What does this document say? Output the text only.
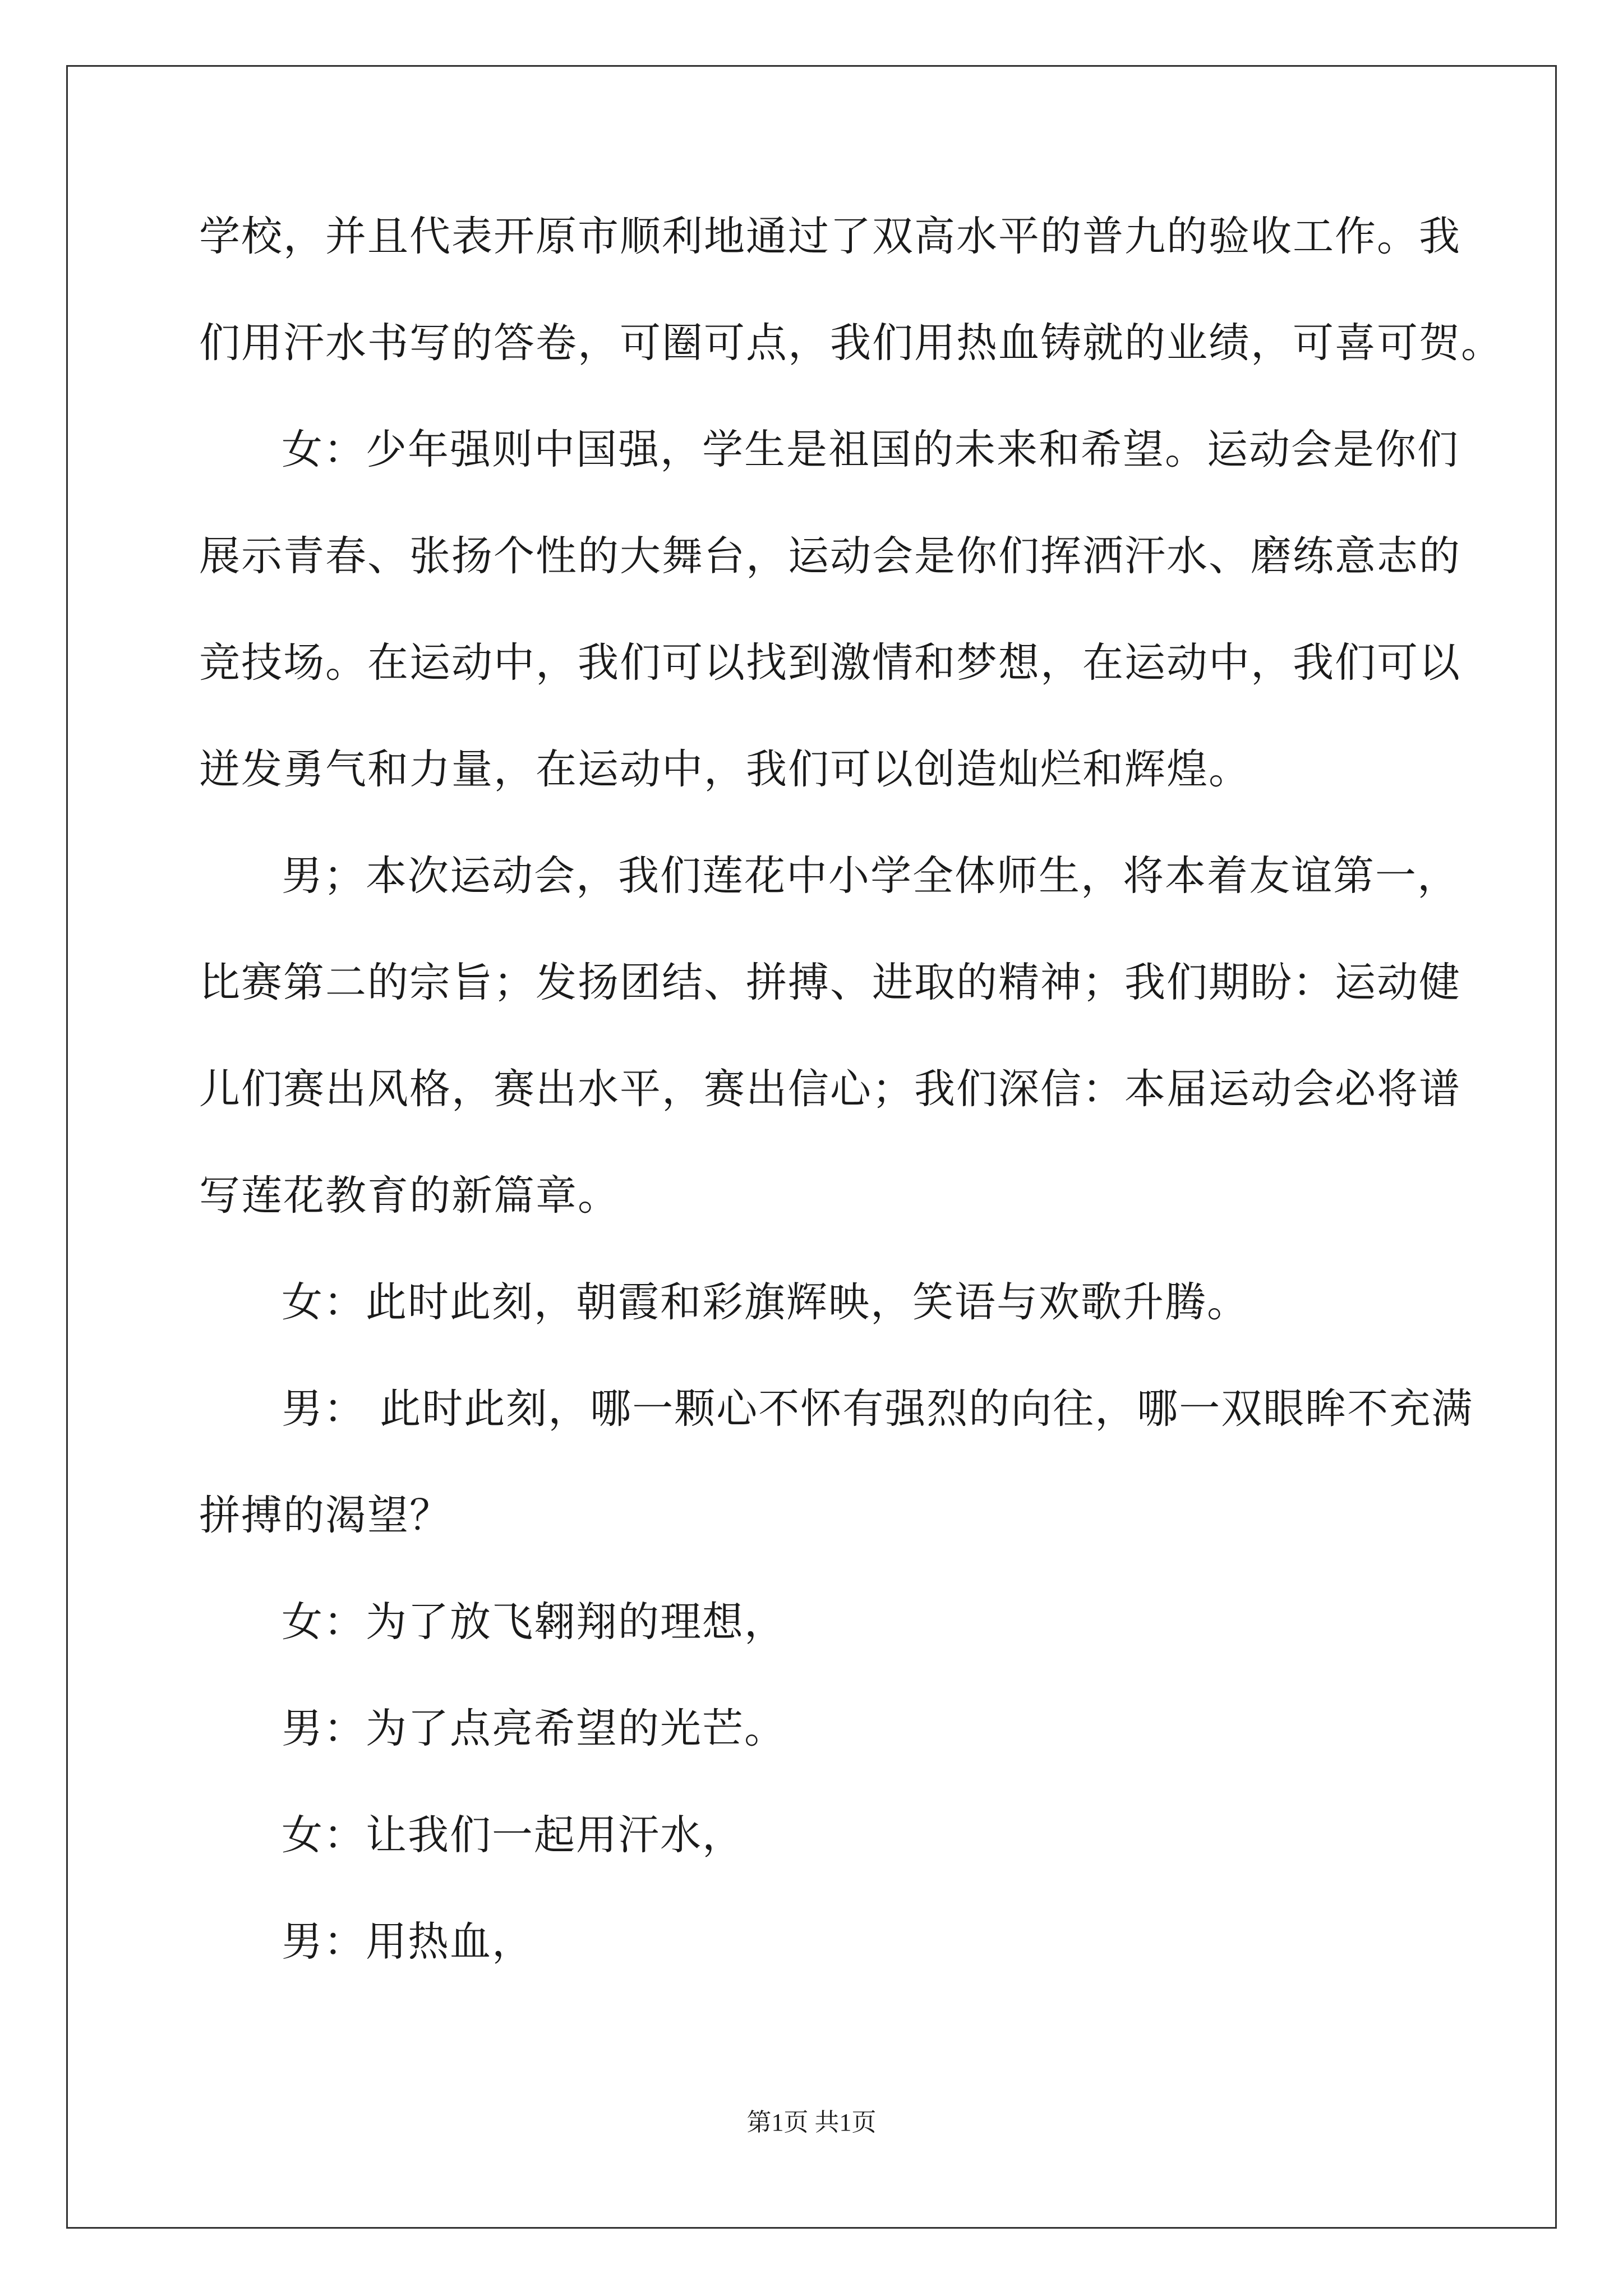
学校，并且代表开原市顺利地通过了双高水平的普九的验收工作。我
们用汗水书写的答卷，可圈可点，我们用热血铸就的业绩，可喜可贺。
女：少年强则中国强，学生是祖国的未来和希望。运动会是你们
展示青春、张扬个性的大舞台，运动会是你们挥洒汗水、磨练意志的
竞技场。在运动中，我们可以找到激情和梦想，在运动中，我们可以
迸发勇气和力量，在运动中，我们可以创造灿烂和辉煌。
男；本次运动会，我们莲花中小学全体师生，将本着友谊第一，
比赛第二的宗旨；发扬团结、拼搏、进取的精神；我们期盼：运动健
儿们赛出风格，赛出水平，赛出信心；我们深信：本届运动会必将谱
写莲花教育的新篇章。
女：此时此刻，朝霞和彩旗辉映，笑语与欢歌升腾。
男： 此时此刻，哪一颗心不怀有强烈的向往，哪一双眼眸不充满
拼搏的渴望？
女：为了放飞翱翔的理想，
男：为了点亮希望的光芒。
女：让我们一起用汗水，
男：用热血，
第1页 共1页
